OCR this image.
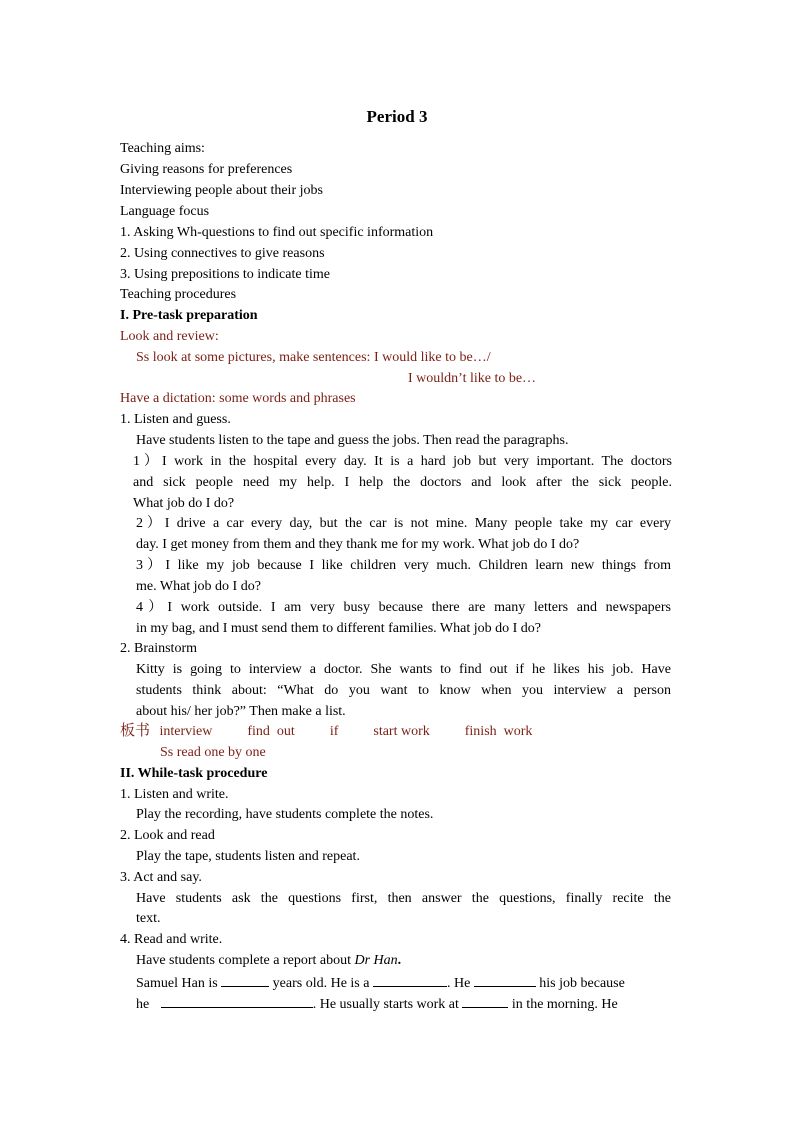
Period 3
Teaching aims:
Giving reasons for preferences
Interviewing people about their jobs
Language focus
1. Asking Wh-questions to find out specific information
2. Using connectives to give reasons
3. Using prepositions to indicate time
Teaching procedures
I. Pre-task preparation
Look and review:
Ss look at some pictures, make sentences: I would like to be…/
I wouldn’t like to be…
Have a dictation: some words and phrases
1. Listen and guess.
Have students listen to the tape and guess the jobs. Then read the paragraphs.
1）I work in the hospital every day. It is a hard job but very important. The doctors
and sick people need my help. I help the doctors and look after the sick people.
What job do I do?
2）I drive a car every day, but the car is not mine. Many people take my car every
day. I get money from them and they thank me for my work. What job do I do?
3）I like my job because I like children very much. Children learn new things from
me. What job do I do?
4）I work outside. I am very busy because there are many letters and newspapers
in my bag, and I must send them to different families. What job do I do?
2. Brainstorm
Kitty is going to interview a doctor. She wants to find out if he likes his job. Have
students think about: “What do you want to know when you interview a person
about his/ her job?” Then make a list.
板书 interview          find  out          if          start work          finish  work
Ss read one by one
II. While-task procedure
1. Listen and write.
Play the recording, have students complete the notes.
2. Look and read
Play the tape, students listen and repeat.
3. Act and say.
Have students ask the questions first, then answer the questions, finally recite the
text.
4. Read and write.
Have students complete a report about Dr Han.
Samuel Han is	years old. He is a	. He	his job because
he	. He usually starts work at	in the morning. He
